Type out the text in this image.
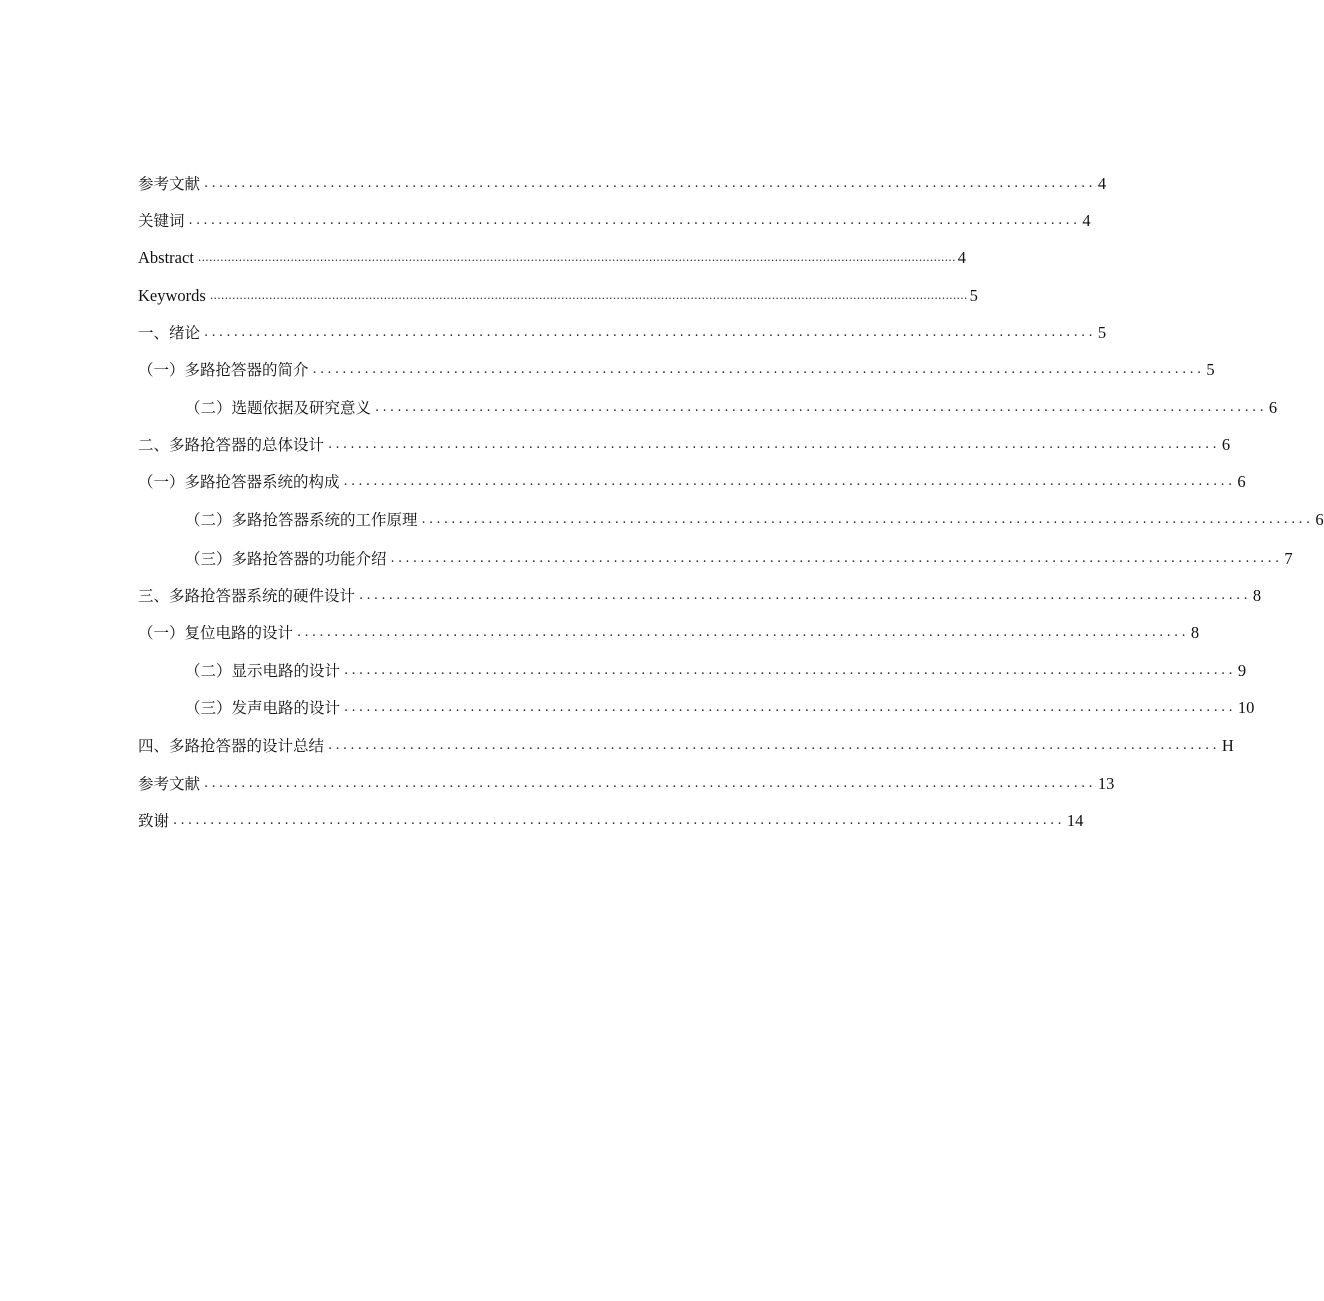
参考文献 ........................................................................................................................ 4
关键词 ........................................................................................................................ 4
Abstract ............................................................................................................................................................................................................. 4
Keywords ............................................................................................................................................................................................................. 5
一、绪论 ........................................................................................................................ 5
（一）多路抢答器的简介 ........................................................................................................................ 5
（二）选题依据及研究意义 ........................................................................................................................ 6
二、多路抢答器的总体设计 ........................................................................................................................ 6
（一）多路抢答器系统的构成 ........................................................................................................................ 6
（二）多路抢答器系统的工作原理 ........................................................................................................................ 6
（三）多路抢答器的功能介绍 ........................................................................................................................ 7
三、多路抢答器系统的硬件设计 ........................................................................................................................ 8
（一）复位电路的设计 ........................................................................................................................ 8
（二）显示电路的设计 ........................................................................................................................ 9
（三）发声电路的设计 ........................................................................................................................ 10
四、多路抢答器的设计总结 ........................................................................................................................ H
参考文献 ........................................................................................................................ 13
致谢 ........................................................................................................................ 14
